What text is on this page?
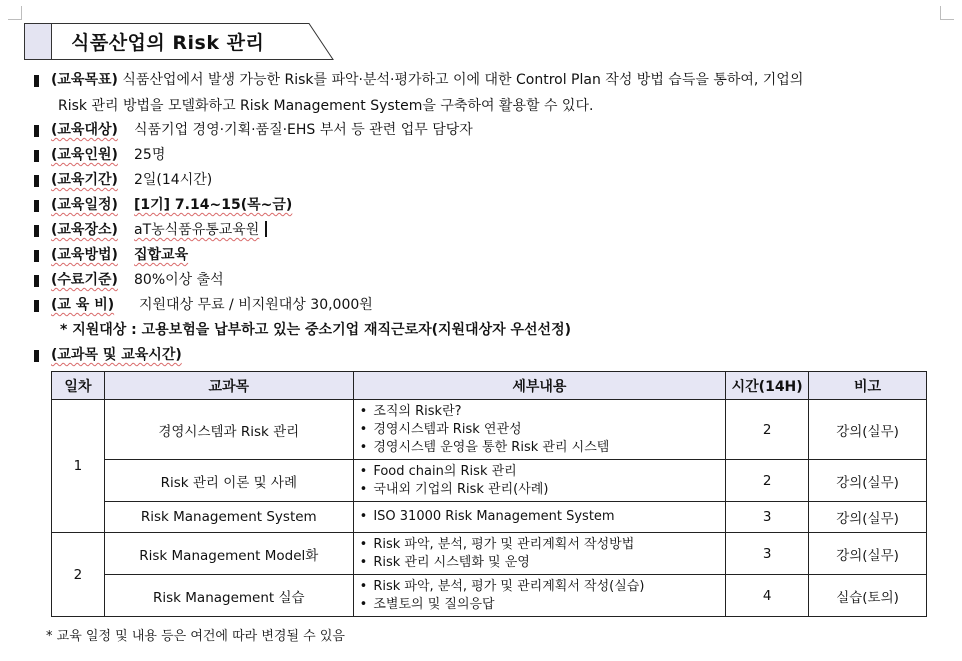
식품산업의 Risk 관리
(교육목표) 식품산업에서 발생 가능한 Risk를 파악·분석·평가하고 이에 대한 Control Plan 작성 방법 습득을 통하여, 기업의
Risk 관리 방법을 모델화하고 Risk Management System을 구축하여 활용할 수 있다.
(교육대상) 식품기업 경영·기획·품질·EHS 부서 등 관련 업무 담당자
(교육인원) 25명
(교육기간) 2일(14시간)
(교육일정) [1기] 7.14~15(목~금)
(교육장소) aT농식품유통교육원
(교육방법) 집합교육
(수료기준) 80%이상 출석
(교 육 비) 지원대상 무료 / 비지원대상 30,000원
* 지원대상 : 고용보험을 납부하고 있는 중소기업 재직근로자(지원대상자 우선선정)
(교과목 및 교육시간)
일차	교과목	세부내용	시간(14H)	비고
1	경영시스템과 Risk 관리	• 조직의 Risk란?
• 경영시스템과 Risk 연관성
• 경영시스템 운영을 통한 Risk 관리 시스템	2	강의(실무)
	Risk 관리 이론 및 사례	• Food chain의 Risk 관리
• 국내외 기업의 Risk 관리(사례)	2	강의(실무)
	Risk Management System	• ISO 31000 Risk Management System	3	강의(실무)
2	Risk Management Model화	• Risk 파악, 분석, 평가 및 관리계획서 작성방법
• Risk 관리 시스템화 및 운영	3	강의(실무)
	Risk Management 실습	• Risk 파악, 분석, 평가 및 관리계획서 작성(실습)
• 조별토의 및 질의응답	4	실습(토의)
* 교육 일정 및 내용 등은 여건에 따라 변경될 수 있음
